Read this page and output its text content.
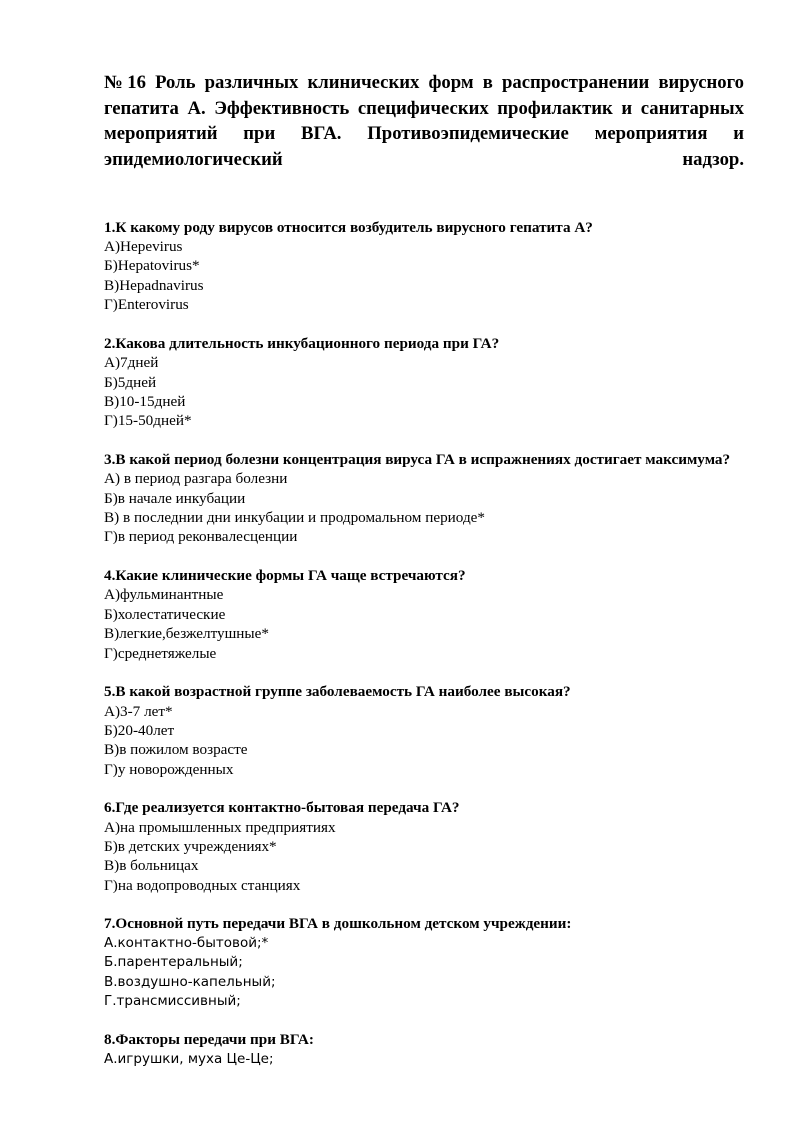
№16 Роль различных клинических форм в распространении вирусного гепатита А. Эффективность специфических профилактик и санитарных мероприятий при ВГА. Противоэпидемические мероприятия и эпидемиологический надзор.

1.К какому роду вирусов относится возбудитель вирусного гепатита А?

А)Hepevirus

Б)Hepatovirus*

В)Hepadnavirus

Г)Enterovirus

2.Какова длительность инкубационного периода при ГА?

А)7дней

Б)5дней

В)10-15дней

Г)15-50дней*

3.В какой период болезни концентрация вируса ГА в испражнениях достигает максимума?

А) в период разгара болезни

Б)в начале инкубации

В) в последнии дни инкубации и продромальном периоде*

Г)в период реконвалесценции

4.Какие клинические формы ГА чаще встречаются?

А)фульминантные

Б)холестатические

В)легкие,безжелтушные*

Г)среднетяжелые

5.В какой возрастной группе заболеваемость ГА наиболее высокая?

А)3-7 лет*

Б)20-40лет

В)в пожилом возрасте

Г)у новорожденных

6.Где реализуется контактно-бытовая передача ГА?

А)на промышленных предприятиях

Б)в детских учреждениях*

В)в больницах

Г)на водопроводных станциях

7.Основной путь передачи ВГА в дошкольном детском учреждении:

А.контактно-бытовой;*

Б.парентеральный;

В.воздушно-капельный;

Г.трансмиссивный;

8.Факторы передачи при ВГА:

А.игрушки, муха Це-Це;
